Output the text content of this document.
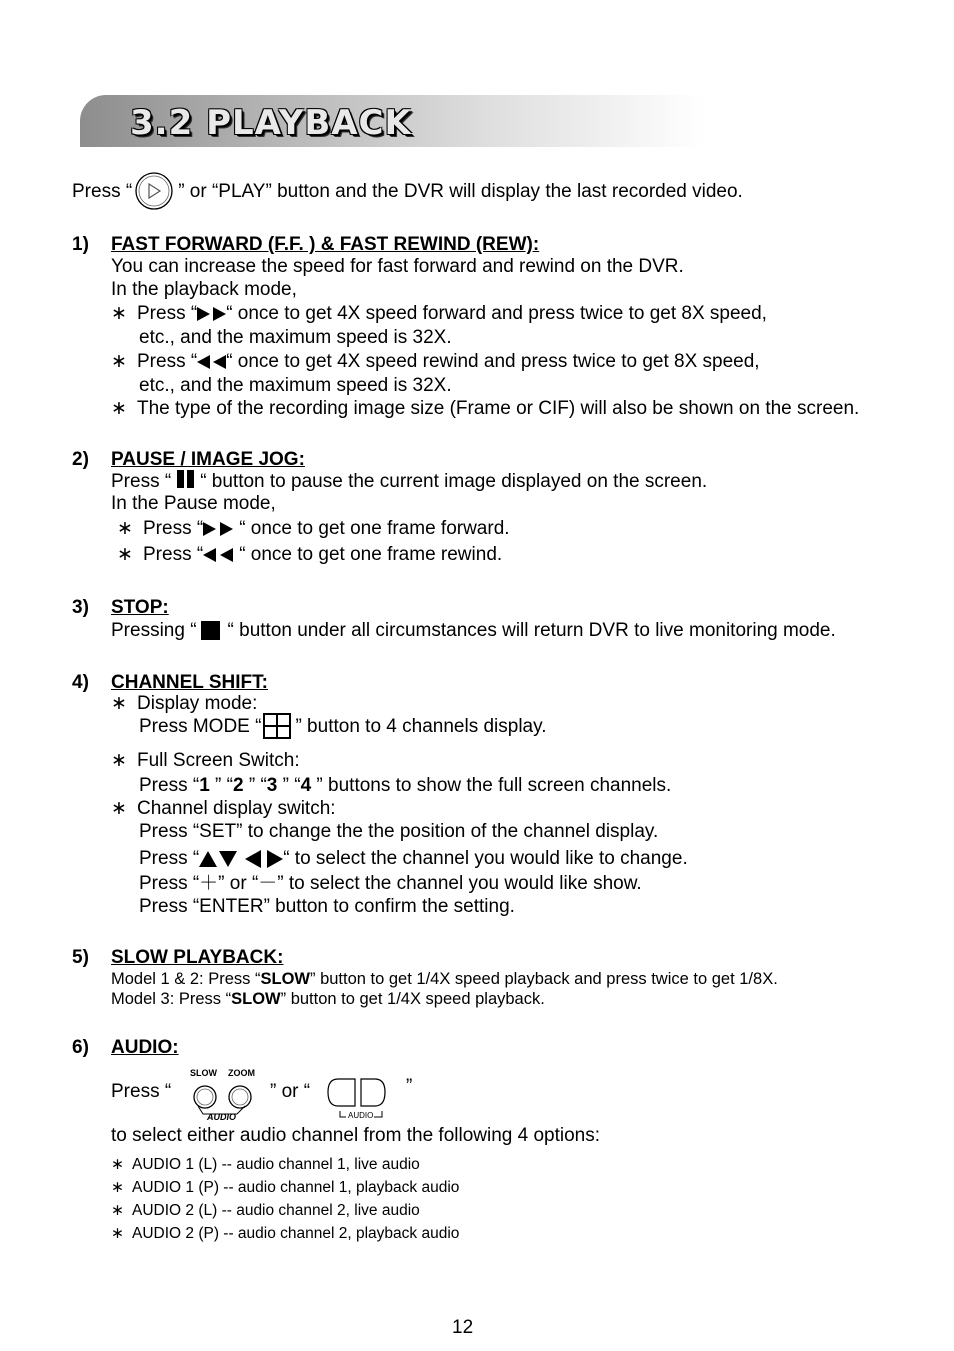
3.2 PLAYBACK
Press “ ” or “PLAY” button and the DVR will display the last recorded video.
1) FAST FORWARD (F.F. ) & FAST REWIND (REW):
You can increase the speed for fast forward and rewind on the DVR.
In the playback mode,
∗ Press “ “ once to get 4X speed forward and press twice to get 8X speed,
etc., and the maximum speed is 32X.
∗ Press “ “ once to get 4X speed rewind and press twice to get 8X speed,
etc., and the maximum speed is 32X.
∗ The type of the recording image size (Frame or CIF) will also be shown on the screen.
2) PAUSE / IMAGE JOG:
Press “ “ button to pause the current image displayed on the screen.
In the Pause mode,
∗ Press “ “ once to get one frame forward.
∗ Press “ “ once to get one frame rewind.
3) STOP:
Pressing “ “ button under all circumstances will return DVR to live monitoring mode.
4) CHANNEL SHIFT:
∗ Display mode:
Press MODE “ ” button to 4 channels display.
∗ Full Screen Switch:
Press “1 ” “2 ” “3 ” “4 ” buttons to show the full screen channels.
∗ Channel display switch:
Press “SET” to change the the position of the channel display.
Press “	“ to select the channel you would like to change.
Press “＋” or “－” to select the channel you would like show.
Press “ENTER” button to confirm the setting.
5) SLOW PLAYBACK:
Model 1 & 2: Press “SLOW” button to get 1/4X speed playback and press twice to get 1/8X.
Model 3: Press “SLOW” button to get 1/4X speed playback.
6) AUDIO:
Press “
SLOW ZOOM
AUDIO
” or “
AUDIO
”
to select either audio channel from the following 4 options:
∗ AUDIO 1 (L) -- audio channel 1, live audio
∗ AUDIO 1 (P) -- audio channel 1, playback audio
∗ AUDIO 2 (L) -- audio channel 2, live audio
∗ AUDIO 2 (P) -- audio channel 2, playback audio
12
